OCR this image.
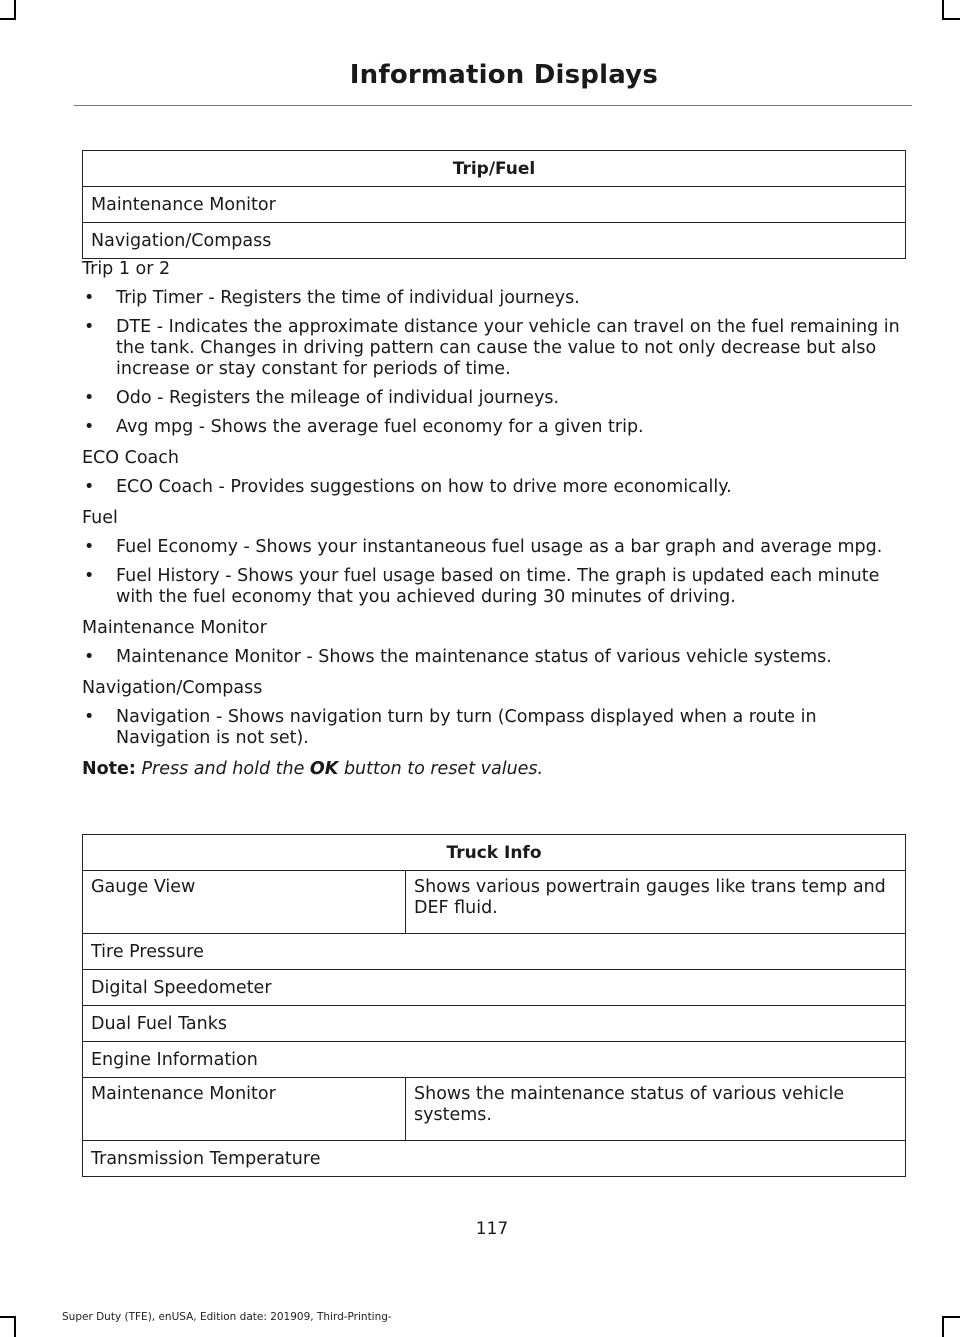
Information Displays
Trip/Fuel
Maintenance Monitor
Navigation/Compass

Trip 1 or 2

• Trip Timer - Registers the time of individual journeys.
• DTE - Indicates the approximate distance your vehicle can travel on the fuel remaining in the tank. Changes in driving pattern can cause the value to not only decrease but also increase or stay constant for periods of time.
• Odo - Registers the mileage of individual journeys.
• Avg mpg - Shows the average fuel economy for a given trip.

ECO Coach

• ECO Coach - Provides suggestions on how to drive more economically.

Fuel

• Fuel Economy - Shows your instantaneous fuel usage as a bar graph and average mpg.
• Fuel History - Shows your fuel usage based on time. The graph is updated each minute with the fuel economy that you achieved during 30 minutes of driving.

Maintenance Monitor

• Maintenance Monitor - Shows the maintenance status of various vehicle systems.

Navigation/Compass

• Navigation - Shows navigation turn by turn (Compass displayed when a route in Navigation is not set).

Note: Press and hold the OK button to reset values.

Truck Info	
Gauge View	Shows various powertrain gauges like trans temp and DEF fluid.
Tire Pressure	
Digital Speedometer	
Dual Fuel Tanks	
Engine Information	
Maintenance Monitor	Shows the maintenance status of various vehicle systems.
Transmission Temperature	
117
Super Duty (TFE), enUSA, Edition date: 201909, Third-Printing-
